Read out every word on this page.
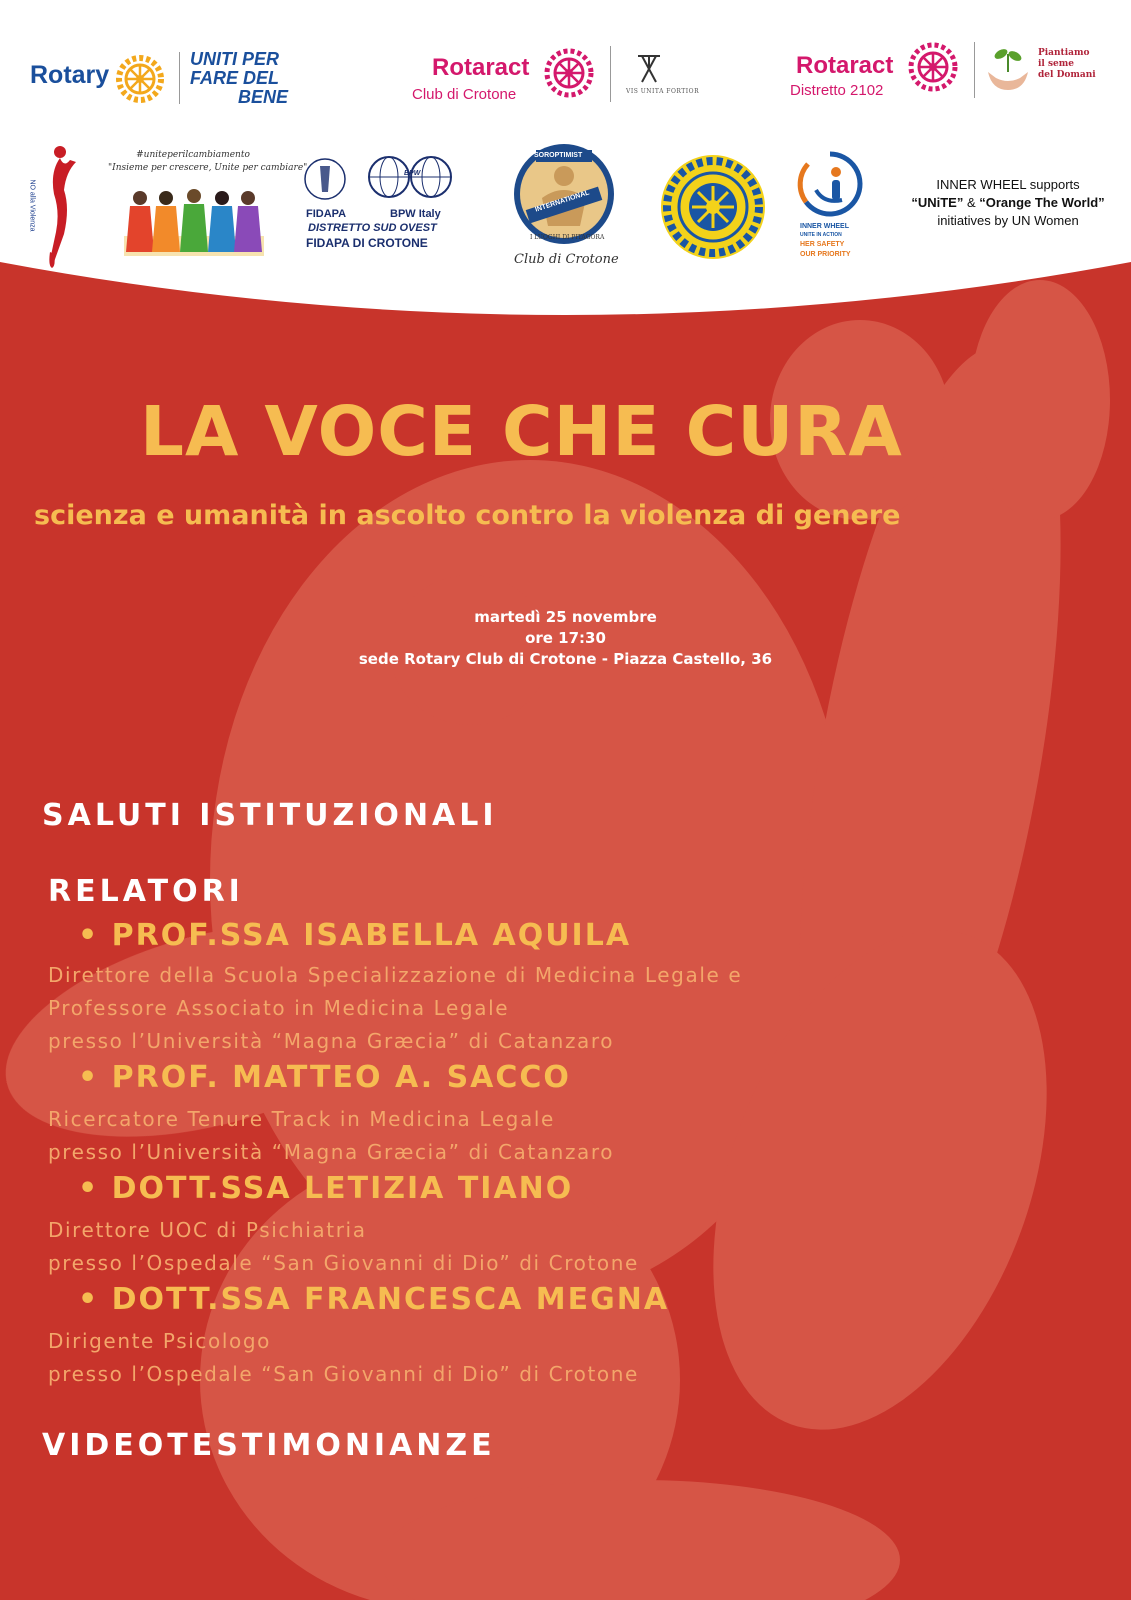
Rotary
UNITI PER
FARE DEL
BENE
Rotaract
Club di Crotone	VIS UNITA FORTIOR
Rotaract
Distretto 2102
Piantiamo
il seme
del Domani
NO alla Violenza
#uniteperilcambiamento
"Insieme per crescere, Unite per cambiare"
BPW
FIDAPA	BPW Italy
DISTRETTO SUD OVEST
FIDAPA DI CROTONE
SOROPTIMIST
INTERNATIONAL
I LUOGHI DI PITAGORA
Club di Crotone
INNER WHEEL
UNITE IN ACTION
HER SAFETY
OUR PRIORITY
INNER WHEEL supports
“UNiTE” & “Orange The World”
initiatives by UN Women
LA VOCE CHE CURA
scienza e umanità in ascolto contro la violenza di genere
martedì 25 novembre
ore 17:30
sede Rotary Club di Crotone - Piazza Castello, 36
SALUTI ISTITUZIONALI
RELATORI
• PROF.SSA ISABELLA AQUILA
Direttore della Scuola Specializzazione di Medicina Legale e
Professore Associato in Medicina Legale
presso l’Università “Magna Græcia” di Catanzaro
• PROF. MATTEO A. SACCO
Ricercatore Tenure Track in Medicina Legale
presso l’Università “Magna Græcia” di Catanzaro
• DOTT.SSA LETIZIA TIANO
Direttore UOC di Psichiatria
presso l’Ospedale “San Giovanni di Dio” di Crotone
• DOTT.SSA FRANCESCA MEGNA
Dirigente Psicologo
presso l’Ospedale “San Giovanni di Dio” di Crotone
VIDEOTESTIMONIANZE
